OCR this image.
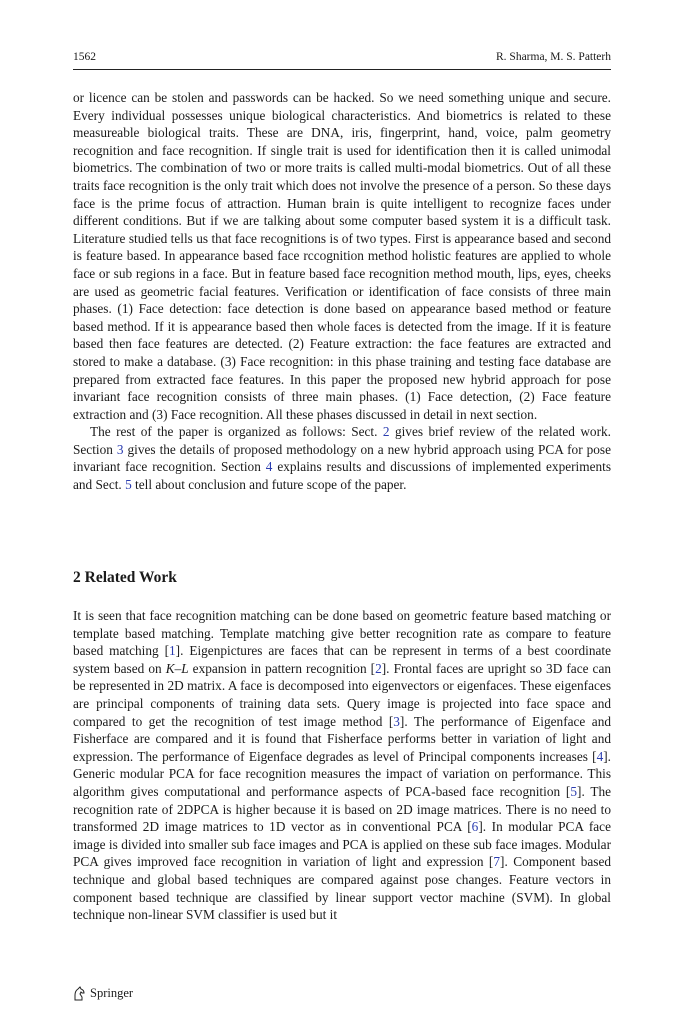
1562	R. Sharma, M. S. Patterh

or licence can be stolen and passwords can be hacked. So we need something unique and secure. Every individual possesses unique biological characteristics. And biometrics is related to these measureable biological traits. These are DNA, iris, fingerprint, hand, voice, palm geometry recognition and face recognition. If single trait is used for identification then it is called unimodal biometrics. The combination of two or more traits is called multi-modal biometrics. Out of all these traits face recognition is the only trait which does not involve the presence of a person. So these days face is the prime focus of attraction. Human brain is quite intelligent to recognize faces under different conditions. But if we are talking about some computer based system it is a difficult task. Literature studied tells us that face recognitions is of two types. First is appearance based and second is feature based. In appearance based face rccognition method holistic features are applied to whole face or sub regions in a face. But in feature based face recognition method mouth, lips, eyes, cheeks are used as geometric facial features. Verification or identification of face consists of three main phases. (1) Face detection: face detection is done based on appearance based method or feature based method. If it is appearance based then whole faces is detected from the image. If it is feature based then face features are detected. (2) Feature extraction: the face features are extracted and stored to make a database. (3) Face recognition: in this phase training and testing face database are prepared from extracted face features. In this paper the proposed new hybrid approach for pose invariant face recognition consists of three main phases. (1) Face detection, (2) Face feature extraction and (3) Face recognition. All these phases discussed in detail in next section.

The rest of the paper is organized as follows: Sect. 2 gives brief review of the related work. Section 3 gives the details of proposed methodology on a new hybrid approach using PCA for pose invariant face recognition. Section 4 explains results and discussions of implemented experiments and Sect. 5 tell about conclusion and future scope of the paper.

2 Related Work

It is seen that face recognition matching can be done based on geometric feature based matching or template based matching. Template matching give better recognition rate as compare to feature based matching [1]. Eigenpictures are faces that can be represent in terms of a best coordinate system based on K–L expansion in pattern recognition [2]. Frontal faces are upright so 3D face can be represented in 2D matrix. A face is decomposed into eigenvectors or eigenfaces. These eigenfaces are principal components of training data sets. Query image is projected into face space and compared to get the recognition of test image method [3]. The performance of Eigenface and Fisherface are compared and it is found that Fisherface performs better in variation of light and expression. The performance of Eigenface degrades as level of Principal components increases [4]. Generic modular PCA for face recognition measures the impact of variation on performance. This algorithm gives computational and performance aspects of PCA-based face recognition [5]. The recognition rate of 2DPCA is higher because it is based on 2D image matrices. There is no need to transformed 2D image matrices to 1D vector as in conventional PCA [6]. In modular PCA face image is divided into smaller sub face images and PCA is applied on these sub face images. Modular PCA gives improved face recognition in variation of light and expression [7]. Component based technique and global based techniques are compared against pose changes. Feature vectors in component based technique are classified by linear support vector machine (SVM). In global technique non-linear SVM classifier is used but it

Springer
